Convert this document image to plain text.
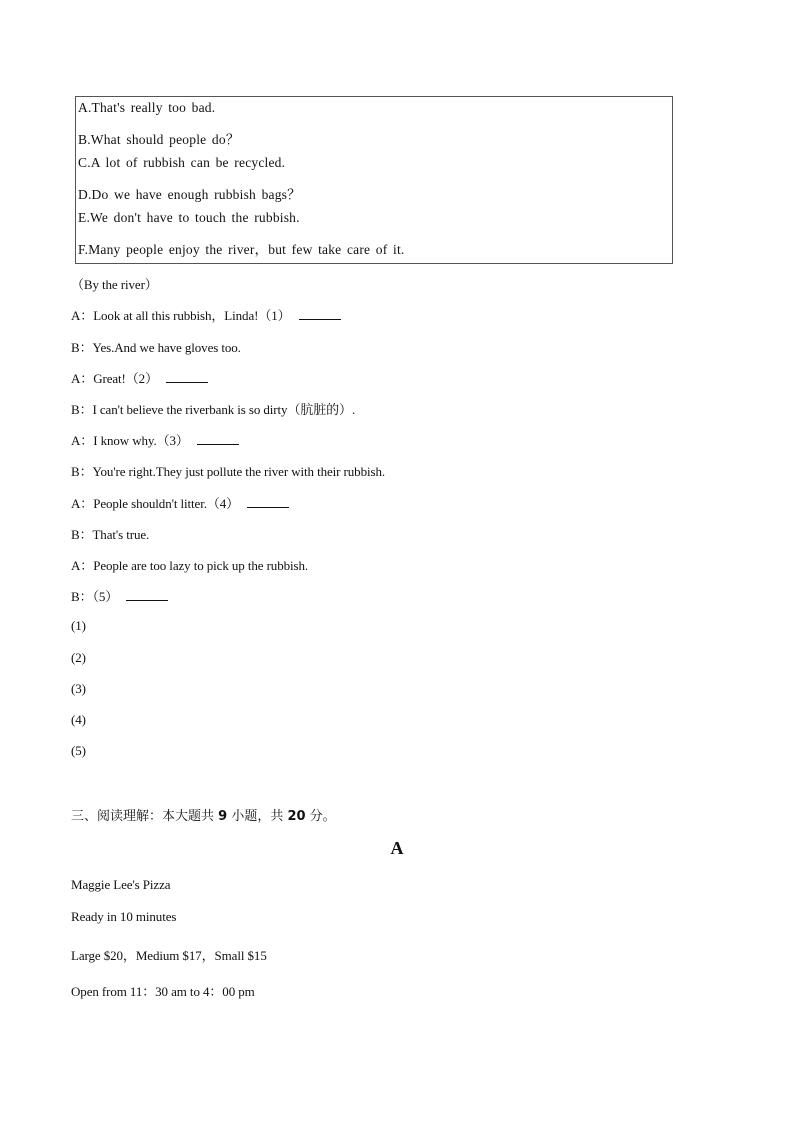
A.That's really too bad.
B.What should people do？
C.A lot of rubbish can be recycled.
D.Do we have enough rubbish bags？
E.We don't have to touch the rubbish.
F.Many people enjoy the river，but few take care of it.
（By the river）
A：Look at all this rubbish，Linda!（1）
B：Yes.And we have gloves too.
A：Great!（2）
B：I can't believe the riverbank is so dirty（肮脏的）.
A：I know why.（3）
B：You're right.They just pollute the river with their rubbish.
A：People shouldn't litter.（4）
B：That's true.
A：People are too lazy to pick up the rubbish.
B：（5）
(1)
(2)
(3)
(4)
(5)
三、阅读理解：本大题共 9 小题，共 20 分。
A
Maggie Lee's Pizza
Ready in 10 minutes
Large $20，Medium $17，Small $15
Open from 11：30 am to 4：00 pm
